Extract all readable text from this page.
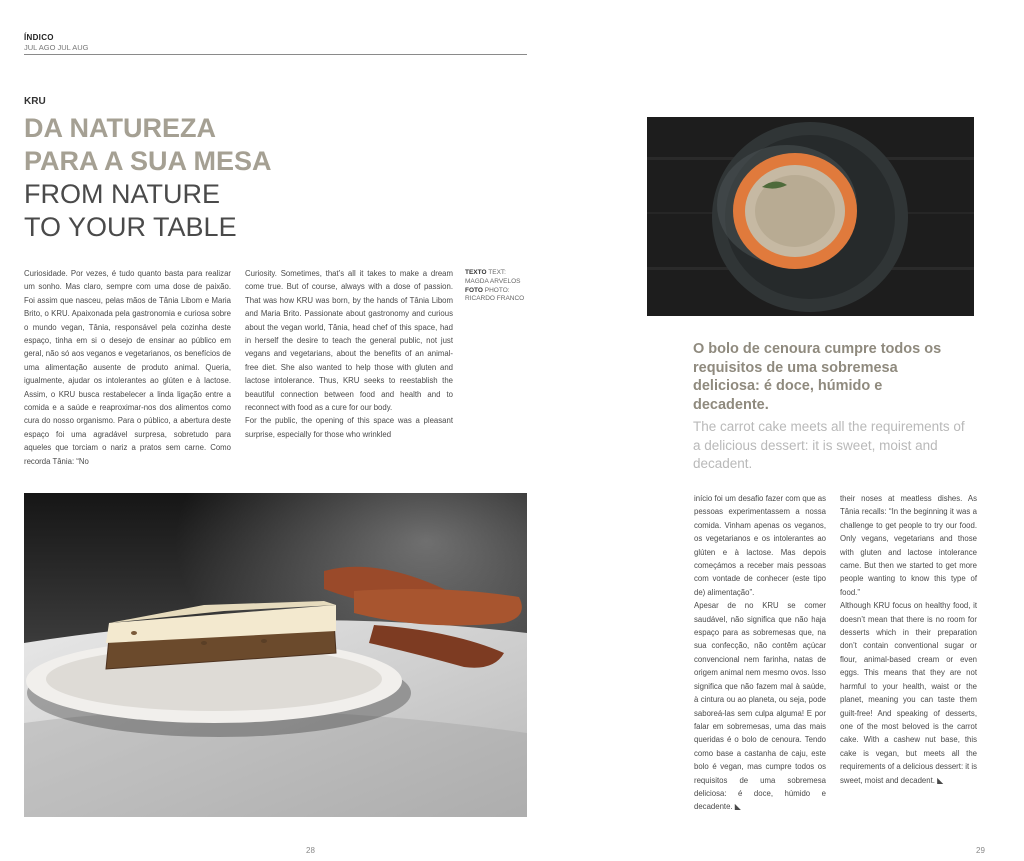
ÍNDICO
JUL AGO JUL AUG
KRU
DA NATUREZA
PARA A SUA MESA
FROM NATURE
TO YOUR TABLE

Curiosidade. Por vezes, é tudo quanto basta para realizar um sonho. Mas claro, sempre com uma dose de paixão. Foi assim que nasceu, pelas mãos de Tânia Libom e Maria Brito, o KRU. Apaixonada pela gastronomia e curiosa sobre o mundo vegan, Tânia, responsável pela cozinha deste espaço, tinha em si o desejo de ensinar ao público em geral, não só aos veganos e vegetarianos, os benefícios de uma alimentação ausente de produto animal. Queria, igualmente, ajudar os intolerantes ao glúten e à lactose. Assim, o KRU busca restabelecer a linda ligação entre a comida e a saúde e reaproximar-nos dos alimentos como cura do nosso organismo. Para o público, a abertura deste espaço foi uma agradável surpresa, sobretudo para aqueles que torciam o nariz a pratos sem carne. Como recorda Tânia: “No

Curiosity. Sometimes, that’s all it takes to make a dream come true. But of course, always with a dose of passion. That was how KRU was born, by the hands of Tânia Libom and Maria Brito. Passionate about gastronomy and curious about the vegan world, Tânia, head chef of this space, had in herself the desire to teach the general public, not just vegans and vegetarians, about the benefits of an animal-free diet. She also wanted to help those with gluten and lactose intolerance. Thus, KRU seeks to reestablish the beautiful connection between food and health and to reconnect with food as a cure for our body.

For the public, the opening of this space was a pleasant surprise, especially for those who wrinkled

TEXTO TEXT:
MAGDA ARVELOS
FOTO PHOTO:
RICARDO FRANCO
28
O bolo de cenoura cumpre todos os requisitos de uma sobremesa deliciosa: é doce, húmido e decadente.
The carrot cake meets all the requirements of a delicious dessert: it is sweet, moist and decadent.

início foi um desafio fazer com que as pessoas experimentassem a nossa comida. Vinham apenas os veganos, os vegetarianos e os intolerantes ao glúten e à lactose. Mas depois começámos a receber mais pessoas com vontade de conhecer (este tipo de) alimentação”.

Apesar de no KRU se comer saudável, não significa que não haja espaço para as sobremesas que, na sua confecção, não contêm açúcar convencional nem farinha, natas de origem animal nem mesmo ovos. Isso significa que não fazem mal à saúde, à cintura ou ao planeta, ou seja, pode saboreá-las sem culpa alguma! E por falar em sobremesas, uma das mais queridas é o bolo de cenoura. Tendo como base a castanha de caju, este bolo é vegan, mas cumpre todos os requisitos de uma sobremesa deliciosa: é doce, húmido e decadente. ◣

their noses at meatless dishes. As Tânia recalls: “In the beginning it was a challenge to get people to try our food. Only vegans, vegetarians and those with gluten and lactose intolerance came. But then we started to get more people wanting to know this type of food.”

Although KRU focus on healthy food, it doesn’t mean that there is no room for desserts which in their preparation don’t contain conventional sugar or flour, animal-based cream or even eggs. This means that they are not harmful to your health, waist or the planet, meaning you can taste them guilt-free! And speaking of desserts, one of the most beloved is the carrot cake. With a cashew nut base, this cake is vegan, but meets all the requirements of a delicious dessert: it is sweet, moist and decadent. ◣

29
